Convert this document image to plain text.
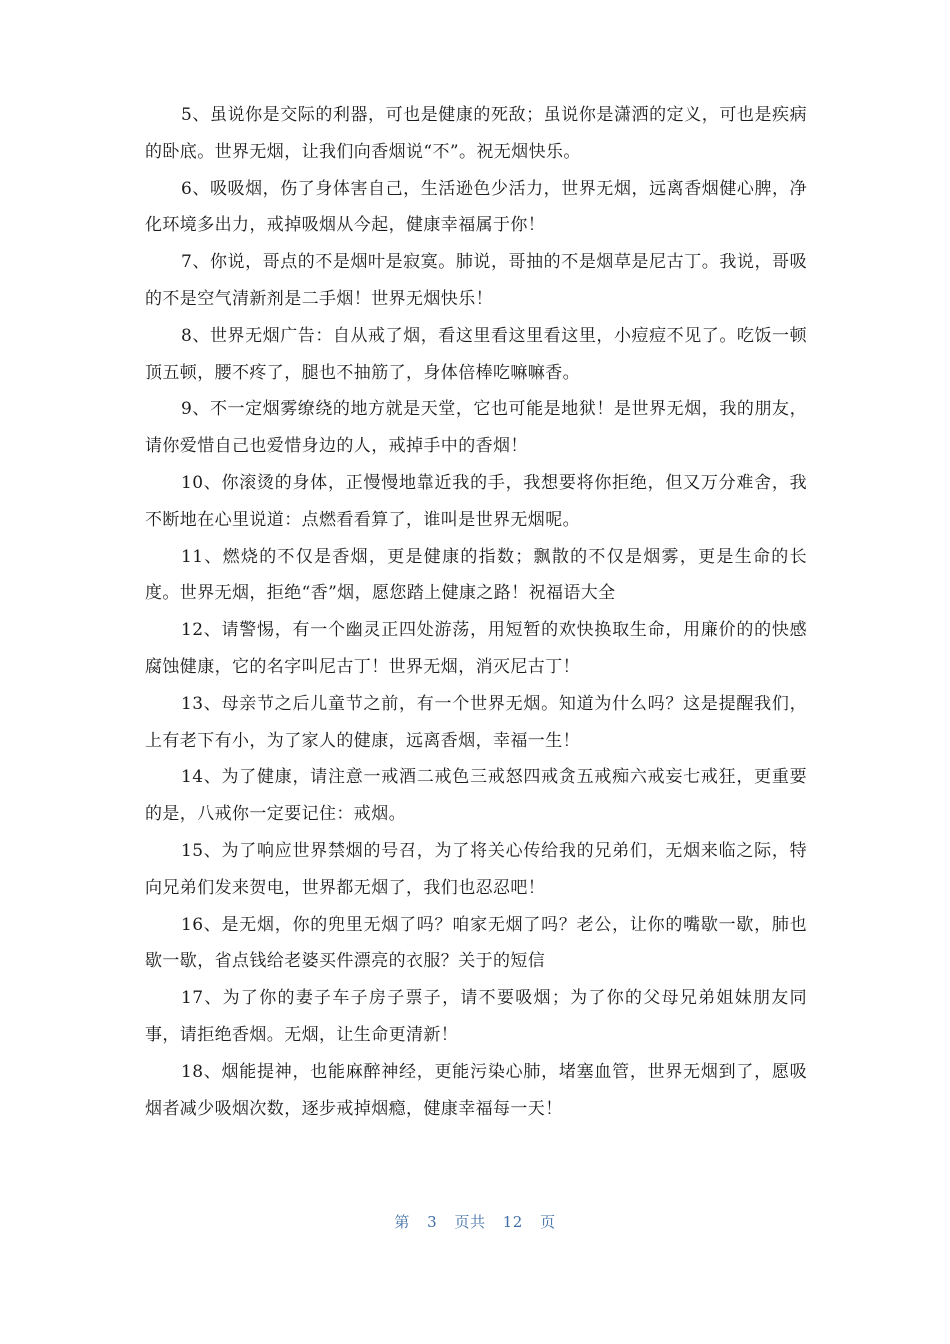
5、虽说你是交际的利器，可也是健康的死敌；虽说你是潇洒的定义，可也是疾病的卧底。世界无烟，让我们向香烟说“不”。祝无烟快乐。

6、吸吸烟，伤了身体害自己，生活逊色少活力，世界无烟，远离香烟健心脾，净化环境多出力，戒掉吸烟从今起，健康幸福属于你！

7、你说，哥点的不是烟叶是寂寞。肺说，哥抽的不是烟草是尼古丁。我说，哥吸的不是空气清新剂是二手烟！世界无烟快乐！

8、世界无烟广告：自从戒了烟，看这里看这里看这里，小痘痘不见了。吃饭一顿顶五顿，腰不疼了，腿也不抽筋了，身体倍棒吃嘛嘛香。

9、不一定烟雾缭绕的地方就是天堂，它也可能是地狱！是世界无烟，我的朋友，请你爱惜自己也爱惜身边的人，戒掉手中的香烟！

10、你滚烫的身体，正慢慢地靠近我的手，我想要将你拒绝，但又万分难舍，我不断地在心里说道：点燃看看算了，谁叫是世界无烟呢。

11、燃烧的不仅是香烟，更是健康的指数；飘散的不仅是烟雾，更是生命的长度。世界无烟，拒绝“香”烟，愿您踏上健康之路！祝福语大全

12、请警惕，有一个幽灵正四处游荡，用短暂的欢快换取生命，用廉价的的快感腐蚀健康，它的名字叫尼古丁！世界无烟，消灭尼古丁！

13、母亲节之后儿童节之前，有一个世界无烟。知道为什么吗？这是提醒我们，上有老下有小，为了家人的健康，远离香烟，幸福一生！

14、为了健康，请注意一戒酒二戒色三戒怒四戒贪五戒痴六戒妄七戒狂，更重要的是，八戒你一定要记住：戒烟。

15、为了响应世界禁烟的号召，为了将关心传给我的兄弟们，无烟来临之际，特向兄弟们发来贺电，世界都无烟了，我们也忍忍吧！

16、是无烟，你的兜里无烟了吗？咱家无烟了吗？老公，让你的嘴歇一歇，肺也歇一歇，省点钱给老婆买件漂亮的衣服？关于的短信

17、为了你的妻子车子房子票子，请不要吸烟；为了你的父母兄弟姐妹朋友同事，请拒绝香烟。无烟，让生命更清新！

18、烟能提神，也能麻醉神经，更能污染心肺，堵塞血管，世界无烟到了，愿吸烟者减少吸烟次数，逐步戒掉烟瘾，健康幸福每一天！

第 3 页共 12 页
